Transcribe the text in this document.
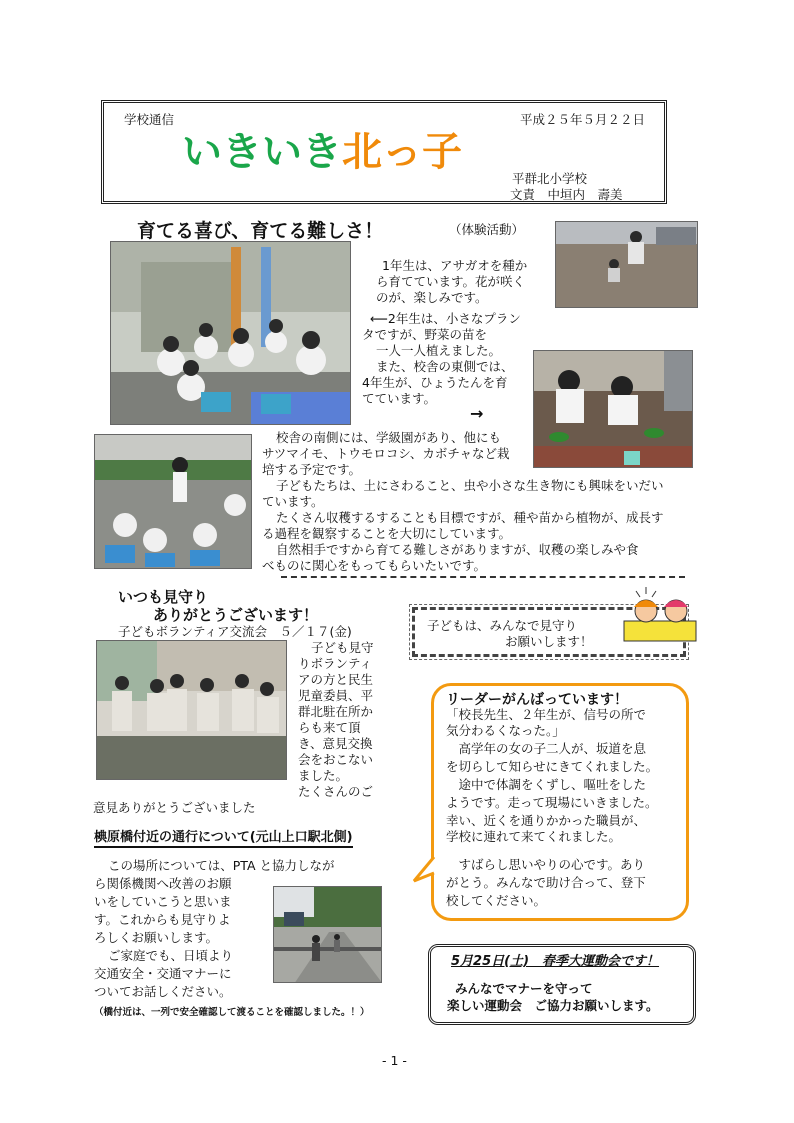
学校通信	平成２５年５月２２日
いきいき北っ子
平群北小学校
文責　中垣内　壽美
育てる喜び、育てる難しさ！	（体験活動）
1年生は、アサガオを種か
ら育てています。花が咲く
のが、楽しみです。
⟵2年生は、小さなプラン
タですが、野菜の苗を
一人一人植えました。
また、校舎の東側では、
4年生が、ひょうたんを育
てています。
→
校舎の南側には、学級園があり、他にも
サツマイモ、トウモロコシ、カボチャなど栽
培する予定です。
子どもたちは、土にさわること、虫や小さな生き物にも興味をいだい
ています。
たくさん収穫するすることも目標ですが、種や苗から植物が、成長す
る過程を観察することを大切にしています。
自然相手ですから育てる難しさがありますが、収穫の楽しみや食
べものに関心をもってもらいたいです。
いつも見守り
ありがとうございます！
子どもボランティア交流会　５／１７(金)
子ども見守
りボランティ
アの方と民生
児童委員、平
群北駐在所か
らも来て頂
き、意見交換
会をおこない
ました。
たくさんのご
意見ありがとうございました
子どもは、みんなで見守り
お願いします！
リーダーがんばっています！
「校長先生、２年生が、信号の所で
気分わるくなった。」
　高学年の女の子二人が、坂道を息
を切らして知らせにきてくれました。
　途中で体調をくずし、嘔吐をした
ようです。走って現場にいきました。
幸い、近くを通りかかった職員が、
学校に連れて来てくれました。
　すばらし思いやりの心です。あり
がとう。みんなで助け合って、登下
校してください。
椣原橋付近の通行について(元山上口駅北側)
この場所については、PTA と協力しなが
ら関係機関へ改善のお願
いをしていこうと思いま
す。これからも見守りよ
ろしくお願いします。
ご家庭でも、日頃より
交通安全・交通マナーに
ついてお話しください。
（橋付近は、一列で安全確認して渡ることを確認しました。！）
5月25日(土)　春季大運動会です！
みんなでマナーを守って
楽しい運動会　ご協力お願いします。
- 1 -
